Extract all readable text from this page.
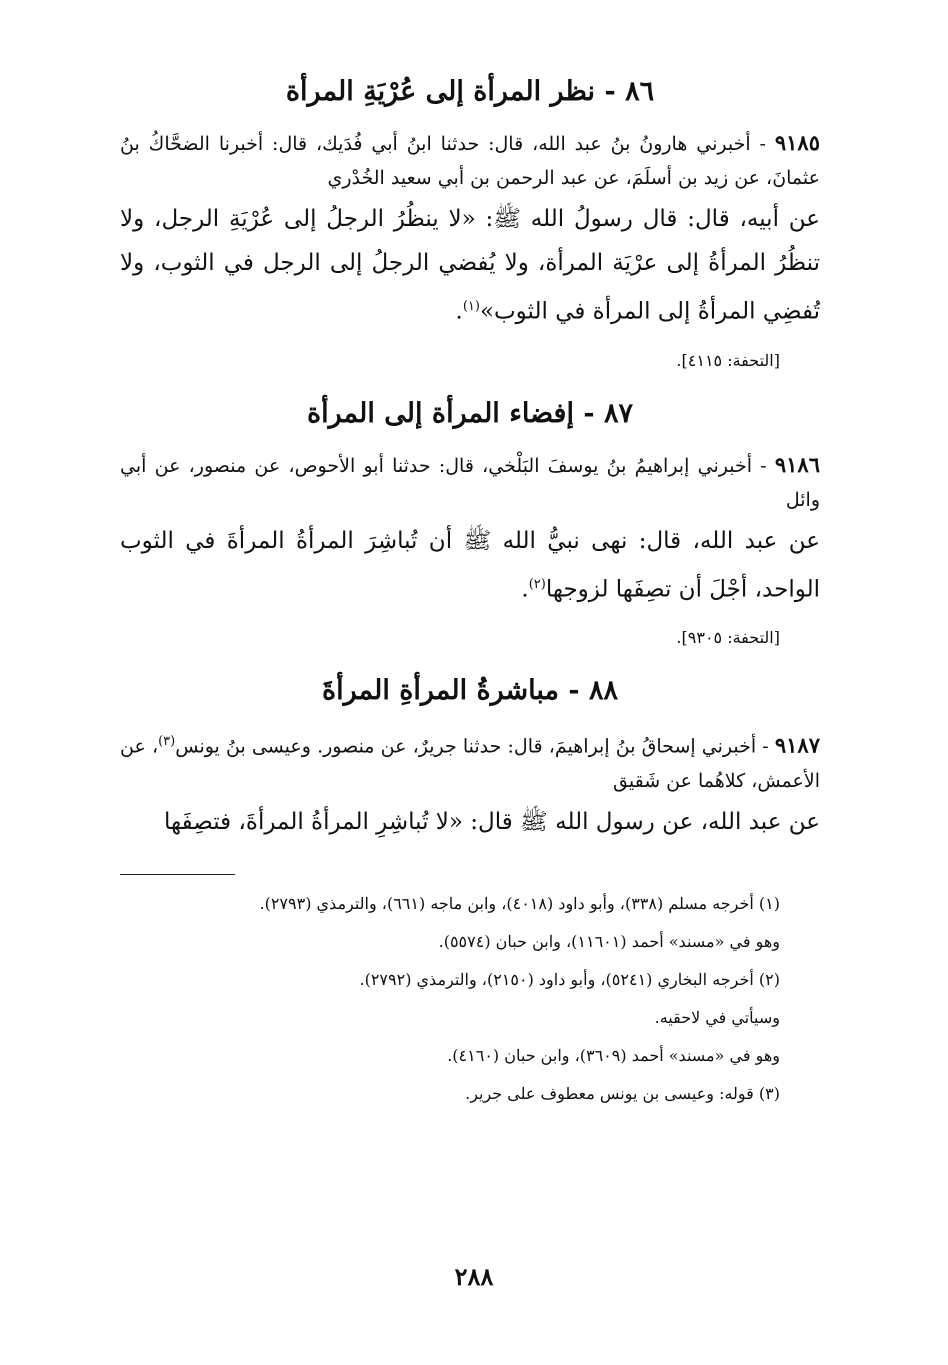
٨٦ - نظر المرأة إلى عُرْيَةِ المرأة

٩١٨٥ - أخبرني هارونُ بنُ عبد الله، قال: حدثنا ابنُ أبي فُدَيك، قال: أخبرنا الضحَّاكُ بنُ عثمانَ، عن زيد بن أسلَمَ، عن عبد الرحمن بن أبي سعيد الخُدْري

عن أبيه، قال: قال رسولُ الله ﷺ: «لا ينظُرُ الرجلُ إلى عُرْيَةِ الرجل، ولا تنظُرُ المرأةُ إلى عرْيَة المرأة، ولا يُفضي الرجلُ إلى الرجل في الثوب، ولا تُفضِي المرأةُ إلى المرأة في الثوب»$^{(١)}$.

[التحفة: ٤١١٥].
٨٧ - إفضاء المرأة إلى المرأة

٩١٨٦ - أخبرني إبراهيمُ بنُ يوسفَ البَلْخي، قال: حدثنا أبو الأحوص، عن منصور، عن أبي وائل

عن عبد الله، قال: نهى نبيُّ الله ﷺ أن تُباشِرَ المرأةُ المرأةَ في الثوب الواحد، أجْلَ أن تصِفَها لزوجها$^{(٢)}$.

[التحفة: ٩٣٠٥].
٨٨ - مباشرةُ المرأةِ المرأةَ

٩١٨٧ - أخبرني إسحاقُ بنُ إبراهيمَ، قال: حدثنا جريرٌ، عن منصور. وعيسى بنُ يونس$^{(٣)}$، عن الأعمش، كلاهُما عن شَقيق

عن عبد الله، عن رسول الله ﷺ قال: «لا تُباشِرِ المرأةُ المرأةَ، فتصِفَها

(١) أخرجه مسلم (٣٣٨)، وأبو داود (٤٠١٨)، وابن ماجه (٦٦١)، والترمذي (٢٧٩٣).
وهو في «مسند» أحمد (١١٦٠١)، وابن حبان (٥٥٧٤).
(٢) أخرجه البخاري (٥٢٤١)، وأبو داود (٢١٥٠)، والترمذي (٢٧٩٢).
وسيأتي في لاحقيه.
وهو في «مسند» أحمد (٣٦٠٩)، وابن حبان (٤١٦٠).
(٣) قوله: وعيسى بن يونس معطوف على جرير.
٢٨٨
